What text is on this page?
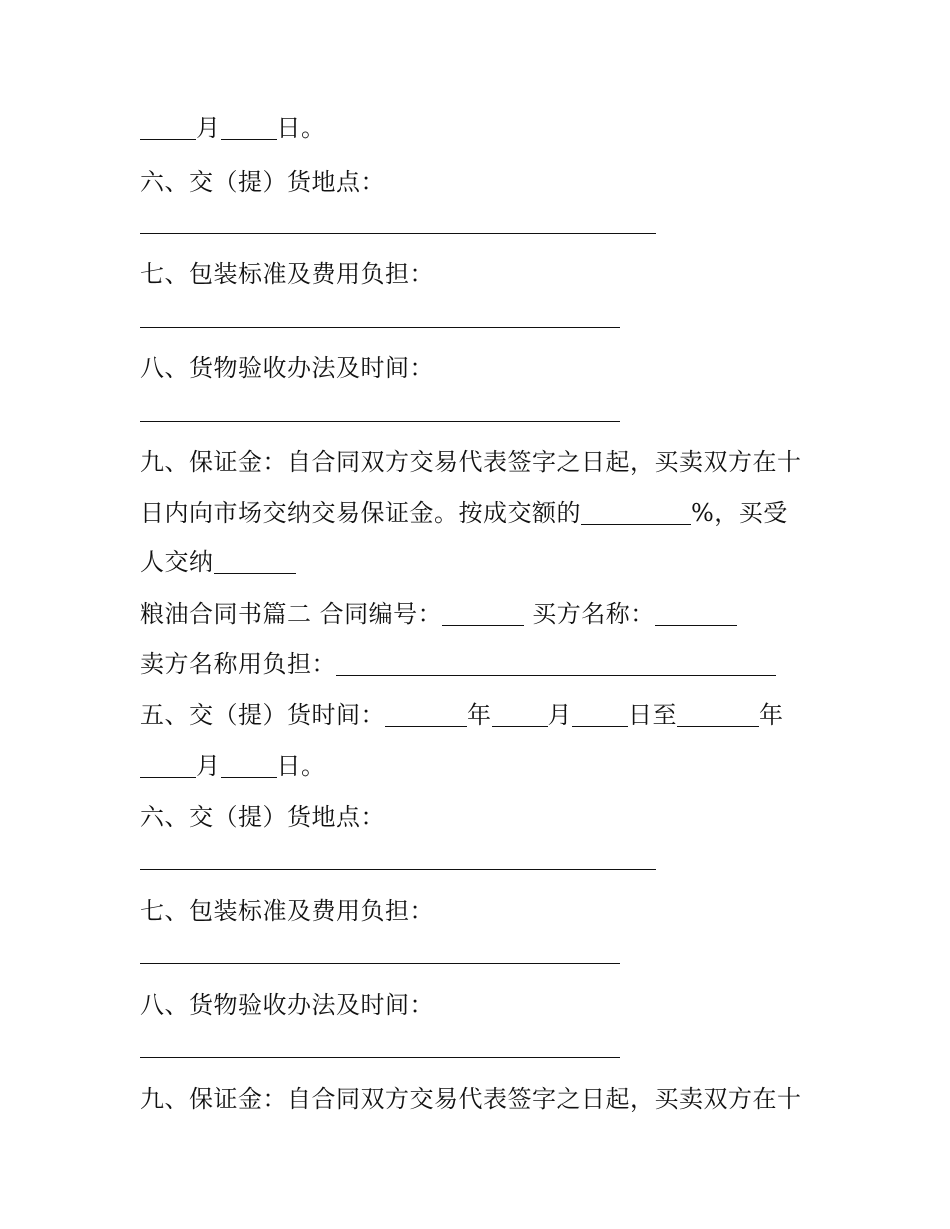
月 日。
六、交（提）货地点：
七、包装标准及费用负担：
八、货物验收办法及时间：
九、保证金：自合同双方交易代表签字之日起，买卖双方在十
日内向市场交纳交易保证金。按成交额的	%，买受
人交纳
粮油合同书篇二 合同编号：	买方名称：
卖方名称用负担：
五、交（提）货时间：	年 月 日至	年
月 日。
六、交（提）货地点：
七、包装标准及费用负担：
八、货物验收办法及时间：
九、保证金：自合同双方交易代表签字之日起，买卖双方在十
